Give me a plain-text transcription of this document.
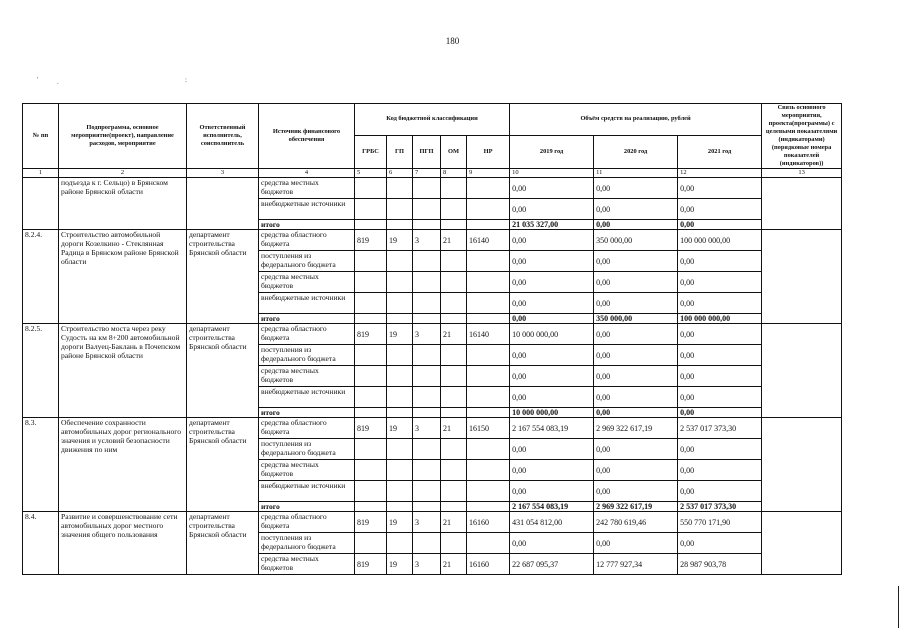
180
'	.	:
№ пп	Подпрограмма, основное мероприятие(проект), направление расходов, мероприятие	Ответственный исполнитель, соисполнитель	Источник финансового обеспечения	Код бюджетной классификации					Объём средств на реализацию, рублей			Связь основного мероприятия, проекта(программы) с целевыми показателями (индикаторами) (порядковые номера показателей (индикаторов))
				ГРБС	ГП	ПГП	ОМ	НР	2019 год	2020 год	2021 год	
1	2	3	4	5	6	7	8	9	10	11	12	13
	подъезда к г. Сельцо) в Брянском районе Брянской области		средства местных бюджетов						0,00	0,00	0,00	
			внебюджетные источники						0,00	0,00	0,00	
			итого						21 035 327,00	0,00	0,00	
8.2.4.	Строительство автомобильной дороги Козелкино - Стеклянная Радица в Брянском районе Брянской области	департамент строительства Брянской области	средства областного бюджета	819	19	3	21	16140	0,00	350 000,00	100 000 000,00	
			поступления из федерального бюджета						0,00	0,00	0,00	
			средства местных бюджетов						0,00	0,00	0,00	
			внебюджетные источники						0,00	0,00	0,00	
			итого						0,00	350 000,00	100 000 000,00	
8.2.5.	Строительство моста через реку Судость на км 8+200 автомобильной дороги Валуец-Баклань в Почепском районе Брянской области	департамент строительства Брянской области	средства областного бюджета	819	19	3	21	16140	10 000 000,00	0,00	0,00	
			поступления из федерального бюджета						0,00	0,00	0,00	
			средства местных бюджетов						0,00	0,00	0,00	
			внебюджетные источники						0,00	0,00	0,00	
			итого						10 000 000,00	0,00	0,00	
8.3.	Обеспечение сохранности автомобильных дорог регионального значения и условий безопасности движения по ним	департамент строительства Брянской области	средства областного бюджета	819	19	3	21	16150	2 167 554 083,19	2 969 322 617,19	2 537 017 373,30	
			поступления из федерального бюджета						0,00	0,00	0,00	
			средства местных бюджетов						0,00	0,00	0,00	
			внебюджетные источники						0,00	0,00	0,00	
			итого						2 167 554 083,19	2 969 322 617,19	2 537 017 373,30	
8.4.	Развитие и совершенствование сети автомобильных дорог местного значения общего пользования	департамент строительства Брянской области	средства областного бюджета	819	19	3	21	16160	431 054 812,00	242 780 619,46	550 770 171,90	
			поступления из федерального бюджета						0,00	0,00	0,00	
			средства местных бюджетов	819	19	3	21	16160	22 687 095,37	12 777 927,34	28 987 903,78	
